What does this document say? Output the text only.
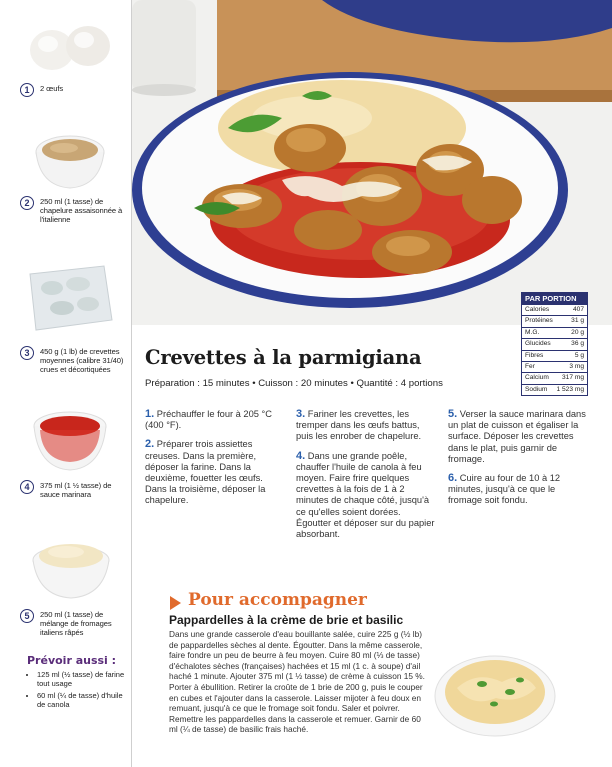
1	2 œufs
2	250 ml (1 tasse) de chapelure assaisonnée à l'italienne
3	450 g (1 lb) de crevettes moyennes (calibre 31/40) crues et décortiquées
4	375 ml (1 ½ tasse) de sauce marinara
5	250 ml (1 tasse) de mélange de fromages italiens râpés
Prévoir aussi :
• 125 ml (½ tasse) de farine tout usage
• 60 ml (¼ de tasse) d'huile de canola
PAR PORTION
Calories	407
Protéines	31 g
M.G.	20 g
Glucides	36 g
Fibres	5 g
Fer	3 mg
Calcium 317 mg
Sodium 1 523 mg
Crevettes à la parmigiana
Préparation : 15 minutes • Cuisson : 20 minutes • Quantité : 4 portions
1. Préchauffer le four à 205 °C (400 °F).
2. Préparer trois assiettes creuses. Dans la première, déposer la farine. Dans la deuxième, fouetter les œufs. Dans la troisième, déposer la chapelure.
3. Fariner les crevettes, les tremper dans les œufs battus, puis les enrober de chapelure.
4. Dans une grande poêle, chauffer l'huile de canola à feu moyen. Faire frire quelques crevettes à la fois de 1 à 2 minutes de chaque côté, jusqu'à ce qu'elles soient dorées. Égoutter et déposer sur du papier absorbant.
5. Verser la sauce marinara dans un plat de cuisson et égaliser la surface. Déposer les crevettes dans le plat, puis garnir de fromage.
6. Cuire au four de 10 à 12 minutes, jusqu'à ce que le fromage soit fondu.
Pour accompagner
Pappardelles à la crème de brie et basilic
Dans une grande casserole d'eau bouillante salée, cuire 225 g (½ lb) de pappardelles sèches al dente. Égoutter. Dans la même casserole, faire fondre un peu de beurre à feu moyen. Cuire 80 ml (⅓ de tasse) d'échalotes sèches (françaises) hachées et 15 ml (1 c. à soupe) d'ail haché 1 minute. Ajouter 375 ml (1 ½ tasse) de crème à cuisson 15 %. Porter à ébullition. Retirer la croûte de 1 brie de 200 g, puis le couper en cubes et l'ajouter dans la casserole. Laisser mijoter à feu doux en remuant, jusqu'à ce que le fromage soit fondu. Saler et poivrer. Remettre les pappardelles dans la casserole et remuer. Garnir de 60 ml (¼ de tasse) de basilic frais haché.
